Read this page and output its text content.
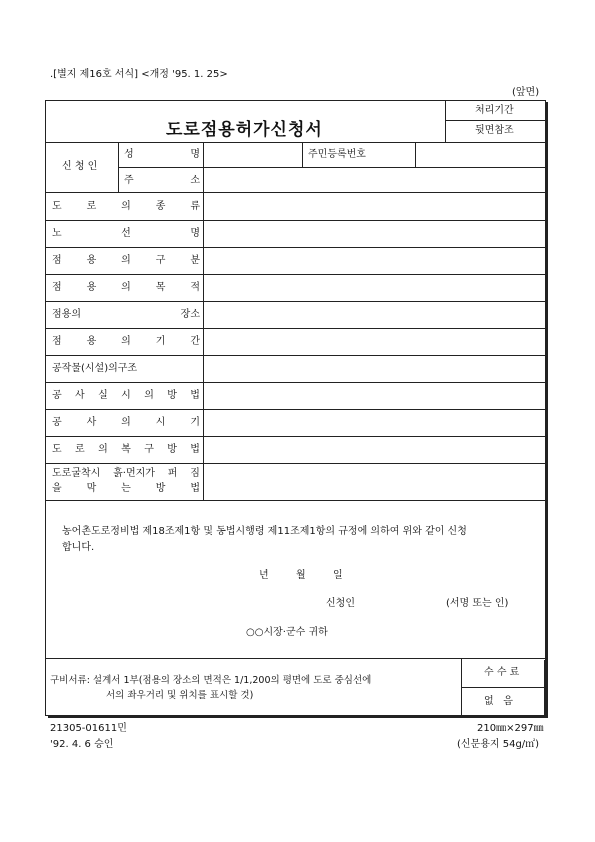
.[별지 제16호 서식] <개정 '95. 1. 25>
(앞면)
도로점용허가신청서
처리기간
뒷면참조
신 청 인
성	명	주민등록번호
주	소
도 로 의 종 류
노	선	명
점 용 의 구 분
점 용 의 목 적
점용의	장소
점 용 의 기 간
공작물(시설)의구조
공 사 실 시 의 방 법
공 사 의 시 기
도 로 의 복 구 방 법
도로굴착시 흙·먼지가 퍼 짐
을 막 는 방 법
농어촌도로정비법 제18조제1항 및 동법시행령 제11조제1항의 규정에 의하여 위와 같이 신청
합니다.
년	월	일
신청인	(서명 또는 인)
○○시장·군수 귀하
구비서류: 설계서 1부(점용의 장소의 면적은 1/1,200의 평면에 도로 중심선에
서의 좌우거리 및 위치를 표시할 것)
수 수 료
없   음
21305-01611민
'92. 4. 6 승인
210㎜×297㎜
(신문용지 54g/㎡)
